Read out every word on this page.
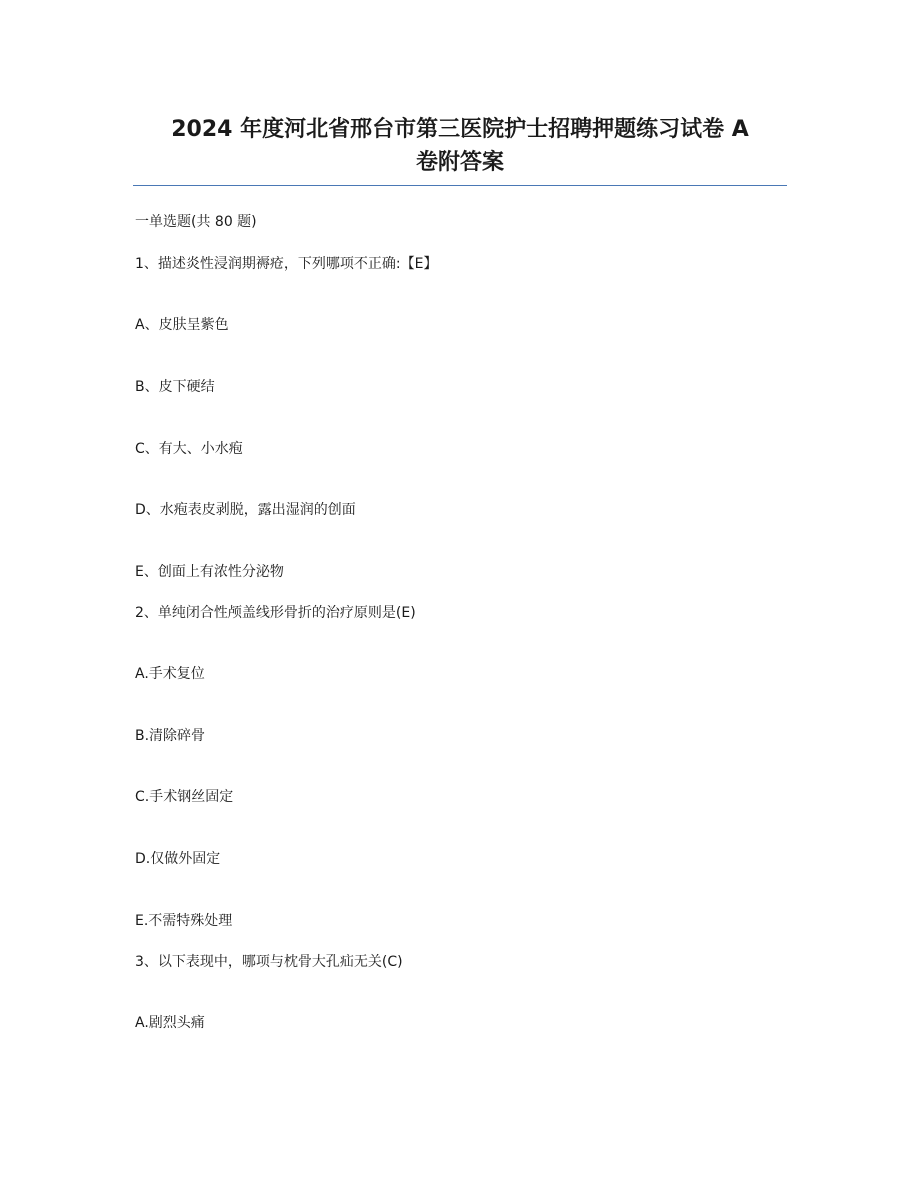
2024 年度河北省邢台市第三医院护士招聘押题练习试卷 A
卷附答案
一单选题(共 80 题)
1、描述炎性浸润期褥疮，下列哪项不正确:【E】
A、皮肤呈紫色
B、皮下硬结
C、有大、小水疱
D、水疱表皮剥脱，露出湿润的创面
E、创面上有浓性分泌物
2、单纯闭合性颅盖线形骨折的治疗原则是(E)
A.手术复位
B.清除碎骨
C.手术钢丝固定
D.仅做外固定
E.不需特殊处理
3、以下表现中，哪项与枕骨大孔疝无关(C)
A.剧烈头痛
